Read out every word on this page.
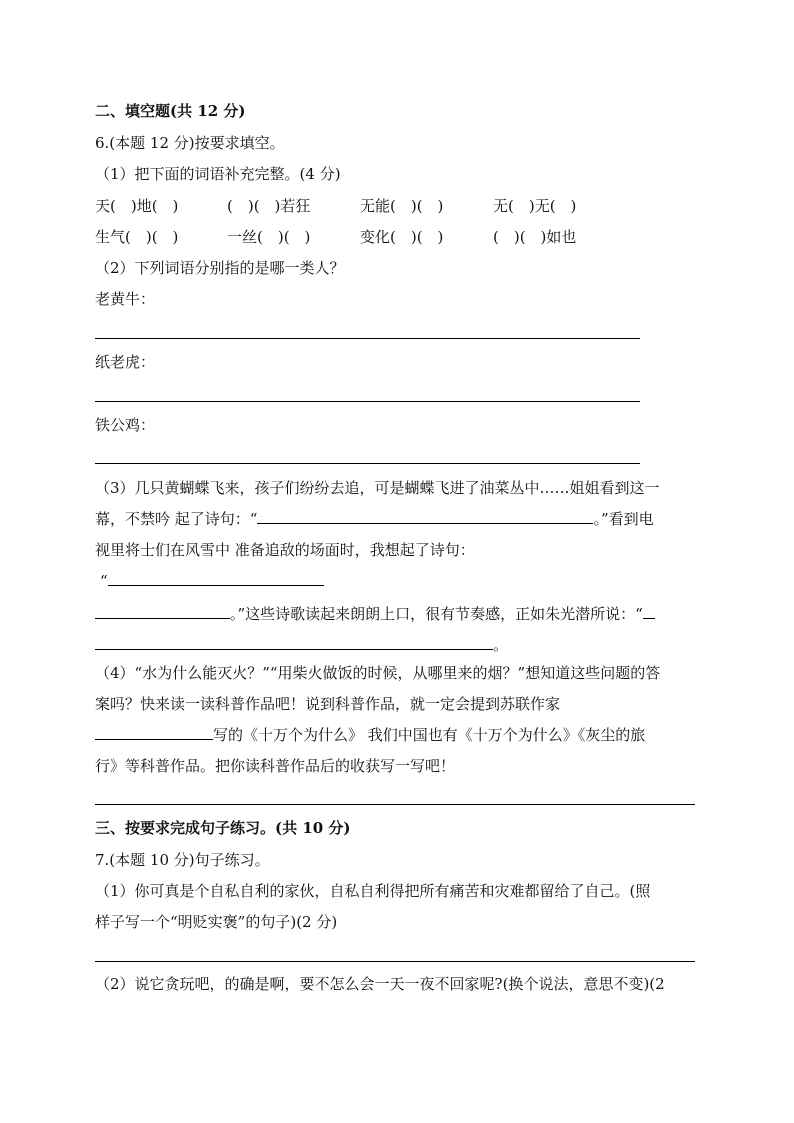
二、填空题(共 12 分)
6.(本题 12 分)按要求填空。
（1）把下面的词语补充完整。(4 分)
天(　)地(　)	(　)(　)若狂	无能(　)(　)	无(　)无(　)
生气(　)(　)	一丝(　)(　)	变化(　)(　)	(　)(　)如也
（2）下列词语分别指的是哪一类人？
老黄牛：
纸老虎：
铁公鸡：
（3）几只黄蝴蝶飞来，孩子们纷纷去追，可是蝴蝶飞进了油菜丛中……姐姐看到这一
幕，不禁吟 起了诗句：“	。”看到电
视里将士们在风雪中 准备追敌的场面时，我想起了诗句：
“
。”这些诗歌读起来朗朗上口，很有节奏感，正如朱光潜所说：“
。
（4）“水为什么能灭火？”“用柴火做饭的时候，从哪里来的烟？”想知道这些问题的答
案吗？快来读一读科普作品吧！说到科普作品，就一定会提到苏联作家
写的《十万个为什么》 我们中国也有《十万个为什么》《灰尘的旅
行》等科普作品。把你读科普作品后的收获写一写吧！
三、按要求完成句子练习。(共 10 分)
7.(本题 10 分)句子练习。
（1）你可真是个自私自利的家伙，自私自利得把所有痛苦和灾难都留给了自己。(照
样子写一个“明贬实褒”的句子)(2 分)
（2）说它贪玩吧，的确是啊，要不怎么会一天一夜不回家呢?(换个说法，意思不变)(2
